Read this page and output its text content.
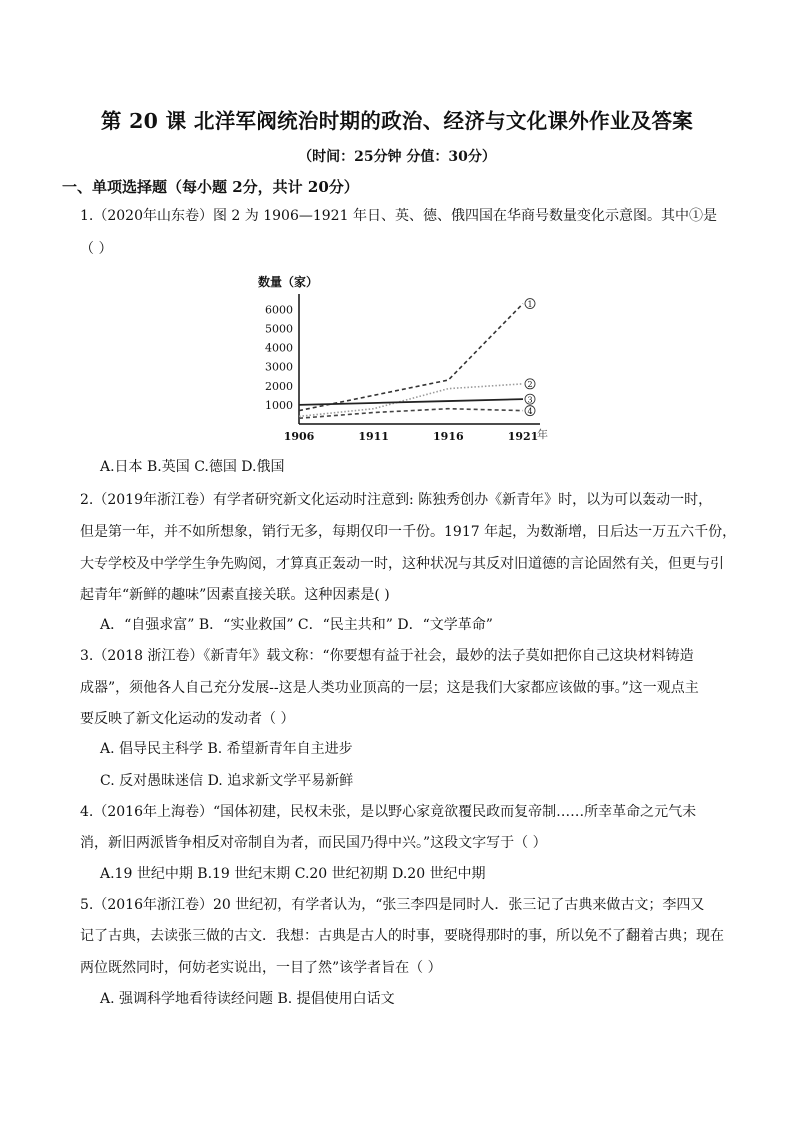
第 20 课 北洋军阀统治时期的政治、经济与文化课外作业及答案
（时间：25分钟 分值：30分）
一、单项选择题（每小题 2分，共计 20分）
1.（2020年山东卷）图 2 为 1906—1921 年日、英、德、俄四国在华商号数量变化示意图。其中①是
（ ）
数量（家）
年
1000
2000
3000
4000
5000
6000
1906	1911	1916	1921
1
2
3
4
A.日本 B.英国 C.德国 D.俄国
2.（2019年浙江卷）有学者研究新文化运动时注意到: 陈独秀创办《新青年》时，以为可以轰动一时，
但是第一年，并不如所想象，销行无多，每期仅印一千份。1917 年起，为数渐增，日后达一万五六千份，
大专学校及中学学生争先购阅，才算真正轰动一时，这种状况与其反对旧道德的言论固然有关，但更与引
起青年“新鲜的趣味”因素直接关联。这种因素是( )
A．“自强求富” B．“实业救国” C．“民主共和” D．“文学革命”
3.（2018 浙江卷）《新青年》载文称：“你要想有益于社会，最妙的法子莫如把你自己这块材料铸造
成器”，须他各人自己充分发展--这是人类功业顶高的一层；这是我们大家都应该做的事。”这一观点主
要反映了新文化运动的发动者（ ）
A. 倡导民主科学 B. 希望新青年自主进步
C. 反对愚昧迷信 D. 追求新文学平易新鲜
4.（2016年上海卷）“国体初建，民权未张，是以野心家竟欲覆民政而复帝制……所幸革命之元气未
消，新旧两派皆争相反对帝制自为者，而民国乃得中兴。”这段文字写于（ ）
A.19 世纪中期 B.19 世纪末期 C.20 世纪初期 D.20 世纪中期
5.（2016年浙江卷）20 世纪初，有学者认为，“张三李四是同时人．张三记了古典来做古文；李四又
记了古典，去读张三做的古文．我想：古典是古人的时事，要晓得那时的事，所以免不了翻着古典；现在
两位既然同时，何妨老实说出，一目了然”该学者旨在（ ）
A. 强调科学地看待读经问题 B. 提倡使用白话文
